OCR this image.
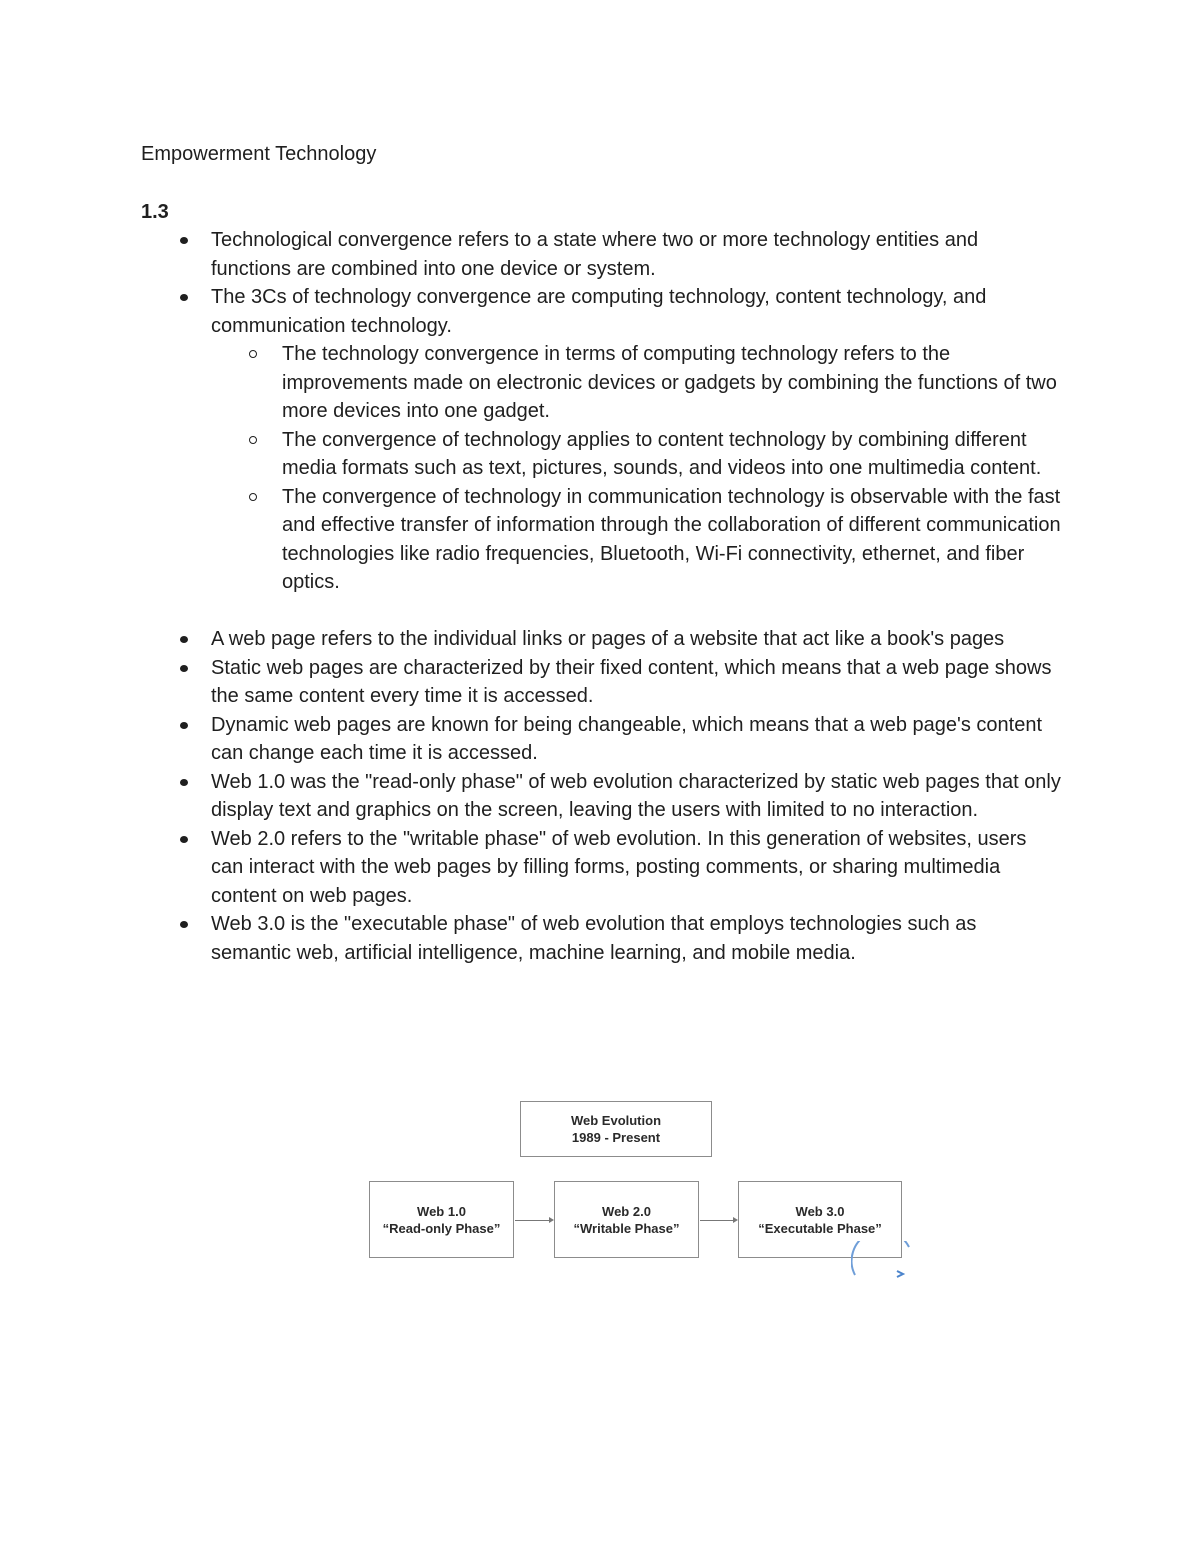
Empowerment Technology
1.3
Technological convergence refers to a state where two or more technology entities and functions are combined into one device or system.
The 3Cs of technology convergence are computing technology, content technology, and communication technology.
The technology convergence in terms of computing technology refers to the improvements made on electronic devices or gadgets by combining the functions of two more devices into one gadget.
The convergence of technology applies to content technology by combining different media formats such as text, pictures, sounds, and videos into one multimedia content.
The convergence of technology in communication technology is observable with the fast and effective transfer of information through the collaboration of different communication technologies like radio frequencies, Bluetooth, Wi-Fi connectivity, ethernet, and fiber optics.
A web page refers to the individual links or pages of a website that act like a book's pages
Static web pages are characterized by their fixed content, which means that a web page shows the same content every time it is accessed.
Dynamic web pages are known for being changeable, which means that a web page's content can change each time it is accessed.
Web 1.0 was the "read-only phase" of web evolution characterized by static web pages that only display text and graphics on the screen, leaving the users with limited to no interaction.
Web 2.0 refers to the "writable phase" of web evolution. In this generation of websites, users can interact with the web pages by filling forms, posting comments, or sharing multimedia content on web pages.
Web 3.0 is the "executable phase" of web evolution that employs technologies such as semantic web, artificial intelligence, machine learning, and mobile media.
Web Evolution
1989 - Present
Web 1.0
“Read-only Phase”
Web 2.0
“Writable Phase”
Web 3.0
“Executable Phase”
